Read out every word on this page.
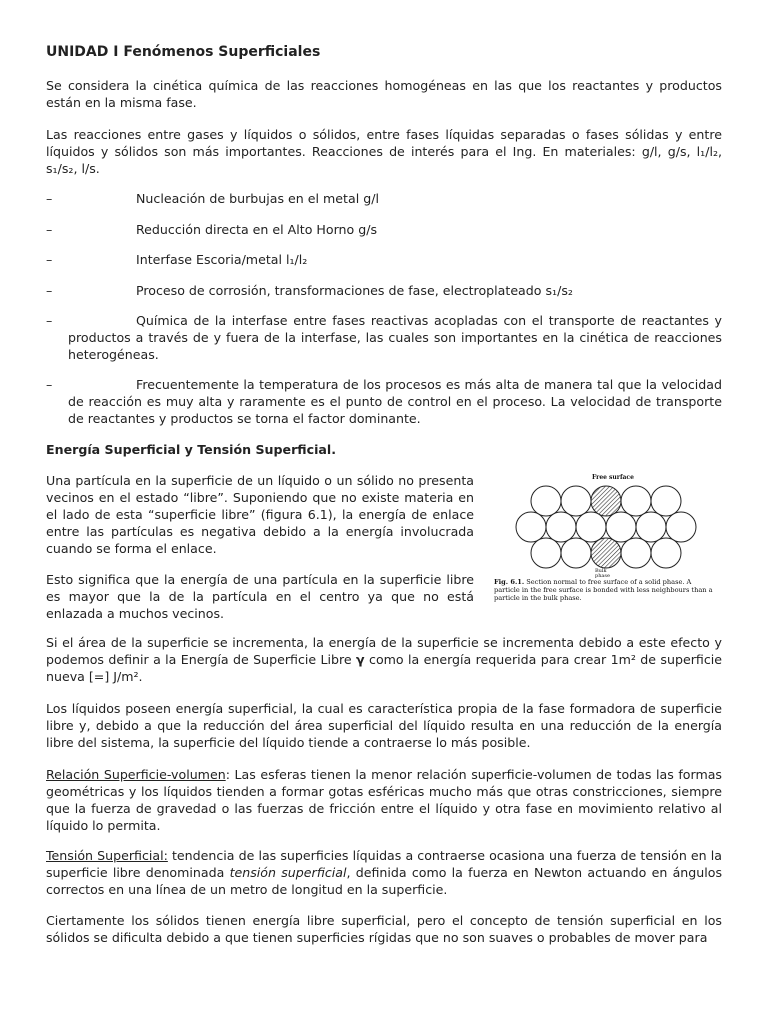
UNIDAD I Fenómenos Superficiales
Se considera la cinética química de las reacciones homogéneas en las que los reactantes y productos están en la misma fase.
Las reacciones entre gases y líquidos o sólidos, entre fases líquidas separadas o fases sólidas y entre líquidos y sólidos son más importantes. Reacciones de interés para el Ing. En materiales: g/l, g/s, l₁/l₂, s₁/s₂, l/s.
–	Nucleación de burbujas en el metal g/l
–	Reducción directa en el Alto Horno g/s
–	Interfase Escoria/metal l₁/l₂
–	Proceso de corrosión, transformaciones de fase, electroplateado s₁/s₂
–	Química de la interfase entre fases reactivas acopladas con el transporte de reactantes y productos a través de y fuera de la interfase, las cuales son importantes en la cinética de reacciones heterogéneas.
–	Frecuentemente la temperatura de los procesos es más alta de manera tal que la velocidad de reacción es muy alta y raramente es el punto de control en el proceso. La velocidad de transporte de reactantes y productos se torna el factor dominante.
Energía Superficial y Tensión Superficial.
Una partícula en la superficie de un líquido o un sólido no presenta vecinos en el estado “libre”. Suponiendo que no existe materia en el lado de esta “superficie libre” (figura 6.1), la energía de enlace entre las partículas es negativa debido a la energía involucrada cuando se forma el enlace.
Esto significa que la energía de una partícula en la superficie libre es mayor que la de la partícula en el centro ya que no está enlazada a muchos vecinos.
Free surface
Bulk
phase
Fig. 6.1. Section normal to free surface of a solid phase. A particle in the free surface is bonded with less neighbours than a particle in the bulk phase.
Si el área de la superficie se incrementa, la energía de la superficie se incrementa debido a este efecto y podemos definir a la Energía de Superficie Libre γ como la energía requerida para crear 1m² de superficie nueva [=] J/m².
Los líquidos poseen energía superficial, la cual es característica propia de la fase formadora de superficie libre y, debido a que la reducción del área superficial del líquido resulta en una reducción de la energía libre del sistema, la superficie del líquido tiende a contraerse lo más posible.
Relación Superficie-volumen: Las esferas tienen la menor relación superficie-volumen de todas las formas geométricas y los líquidos tienden a formar gotas esféricas mucho más que otras constricciones, siempre que la fuerza de gravedad o las fuerzas de fricción entre el líquido y otra fase en movimiento relativo al líquido lo permita.
Tensión Superficial: tendencia de las superficies líquidas a contraerse ocasiona una fuerza de tensión en la superficie libre denominada tensión superficial, definida como la fuerza en Newton actuando en ángulos correctos en una línea de un metro de longitud en la superficie.
Ciertamente los sólidos tienen energía libre superficial, pero el concepto de tensión superficial en los sólidos se dificulta debido a que tienen superficies rígidas que no son suaves o probables de mover para
